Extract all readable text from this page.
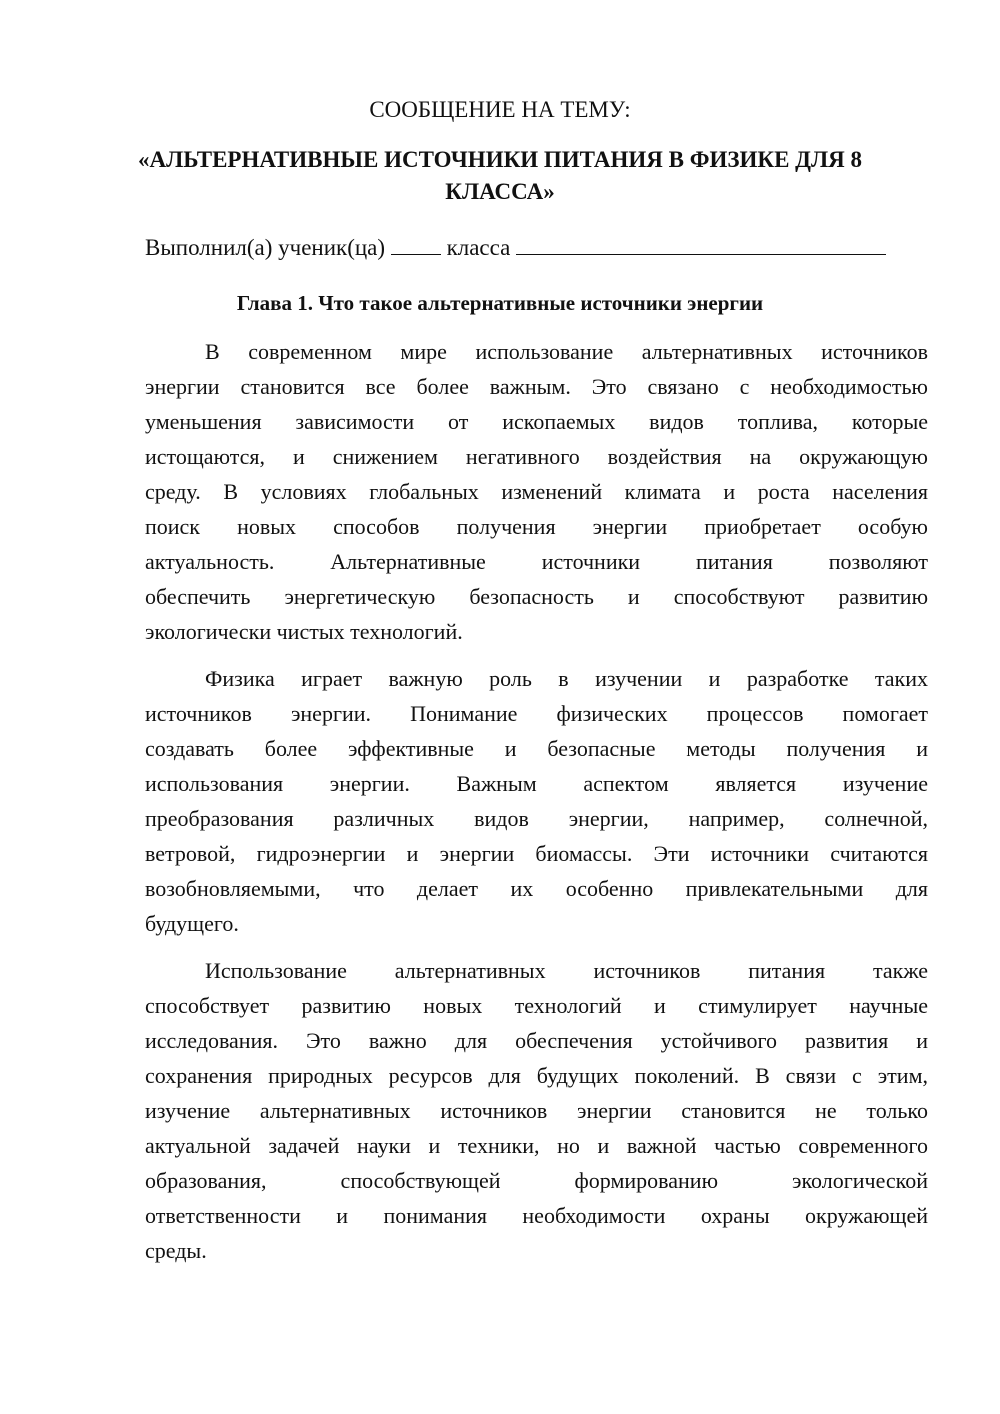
СООБЩЕНИЕ НА ТЕМУ:
«АЛЬТЕРНАТИВНЫЕ ИСТОЧНИКИ ПИТАНИЯ В ФИЗИКЕ ДЛЯ 8
КЛАССА»
Выполнил(а) ученик(ца)	класса
Глава 1. Что такое альтернативные источники энергии
В современном мире использование альтернативных источников
энергии становится все более важным. Это связано с необходимостью
уменьшения зависимости от ископаемых видов топлива, которые
истощаются, и снижением негативного воздействия на окружающую
среду. В условиях глобальных изменений климата и роста населения
поиск новых способов получения энергии приобретает особую
актуальность. Альтернативные источники питания позволяют
обеспечить энергетическую безопасность и способствуют развитию
экологически чистых технологий.
Физика играет важную роль в изучении и разработке таких
источников энергии. Понимание физических процессов помогает
создавать более эффективные и безопасные методы получения и
использования энергии. Важным аспектом является изучение
преобразования различных видов энергии, например, солнечной,
ветровой, гидроэнергии и энергии биомассы. Эти источники считаются
возобновляемыми, что делает их особенно привлекательными для
будущего.
Использование альтернативных источников питания также
способствует развитию новых технологий и стимулирует научные
исследования. Это важно для обеспечения устойчивого развития и
сохранения природных ресурсов для будущих поколений. В связи с этим,
изучение альтернативных источников энергии становится не только
актуальной задачей науки и техники, но и важной частью современного
образования, способствующей формированию экологической
ответственности и понимания необходимости охраны окружающей
среды.
